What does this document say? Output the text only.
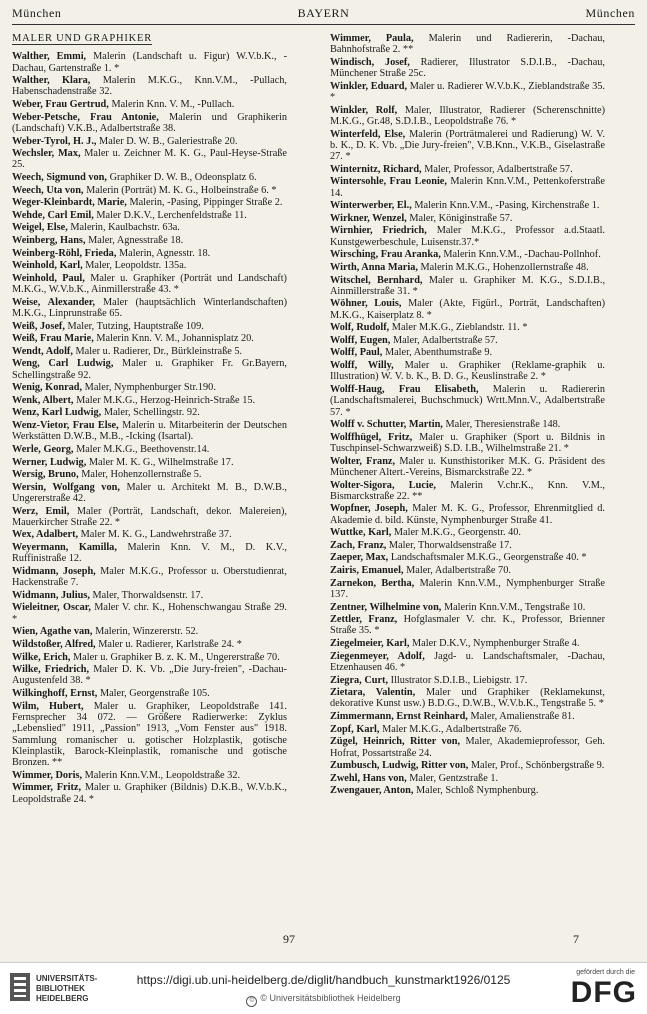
München	BAYERN	München
MALER UND GRAPHIKER
Walther, Emmi, Malerin (Landschaft u. Figur) W.V.b.K., -Dachau, Gartenstraße 1. *
Walther, Klara, Malerin M.K.G., Knn.V.M., -Pullach, Habenschadenstraße 32.
Weber, Frau Gertrud, Malerin Knn. V. M., -Pullach.
Weber-Petsche, Frau Antonie, Malerin und Graphikerin (Landschaft) V.K.B., Adalbertstraße 38.
Weber-Tyrol, H. J., Maler D. W. B., Galeriestraße 20.
Wechsler, Max, Maler u. Zeichner M. K. G., Paul-Heyse-Straße 25.
Weech, Sigmund von, Graphiker D. W. B., Odeonsplatz 6.
Weech, Uta von, Malerin (Porträt) M. K. G., Holbeinstraße 6. *
Weger-Kleinbardt, Marie, Malerin, -Pasing, Pippinger Straße 2.
Wehde, Carl Emil, Maler D.K.V., Lerchenfeldstraße 11.
Weigel, Else, Malerin, Kaulbachstr. 63a.
Weinberg, Hans, Maler, Agnesstraße 18.
Weinberg-Röhl, Frieda, Malerin, Agnesstr. 18.
Weinhold, Karl, Maler, Leopoldstr. 135a.
Weinhold, Paul, Maler u. Graphiker (Porträt und Landschaft) M.K.G., W.V.b.K., Ainmillerstraße 43. *
Weise, Alexander, Maler (hauptsächlich Winterlandschaften) M.K.G., Linprunstraße 65.
Weiß, Josef, Maler, Tutzing, Hauptstraße 109.
Weiß, Frau Marie, Malerin Knn. V. M., Johannisplatz 20.
Wendt, Adolf, Maler u. Radierer, Dr., Bürkleinstraße 5.
Weng, Carl Ludwig, Maler u. Graphiker Fr. Gr.Bayern, Schellingstraße 92.
Wenig, Konrad, Maler, Nymphenburger Str.190.
Wenk, Albert, Maler M.K.G., Herzog-Heinrich-Straße 15.
Wenz, Karl Ludwig, Maler, Schellingstr. 92.
Wenz-Vietor, Frau Else, Malerin u. Mitarbeiterin der Deutschen Werkstätten D.W.B., M.B., -Icking (Isartal).
Werle, Georg, Maler M.K.G., Beethovenstr.14.
Werner, Ludwig, Maler M. K. G., Wilhelmstraße 17.
Wersig, Bruno, Maler, Hohenzollernstraße 5.
Wersin, Wolfgang von, Maler u. Architekt M. B., D.W.B., Ungererstraße 42.
Werz, Emil, Maler (Porträt, Landschaft, dekor. Malereien), Mauerkircher Straße 22. *
Wex, Adalbert, Maler M. K. G., Landwehrstraße 37.
Weyermann, Kamilla, Malerin Knn. V. M., D. K.V., Ruffinistraße 12.
Widmann, Joseph, Maler M.K.G., Professor u. Oberstudienrat, Hackenstraße 7.
Widmann, Julius, Maler, Thorwaldsenstr. 17.
Wieleitner, Oscar, Maler V. chr. K., Hohenschwangau Straße 29. *
Wien, Agathe van, Malerin, Winzererstr. 52.
Wildstoßer, Alfred, Maler u. Radierer, Karlstraße 24. *
Wilke, Erich, Maler u. Graphiker B. z. K. M., Ungererstraße 70.
Wilke, Friedrich, Maler D. K. Vb. „Die Jury-freien", -Dachau-Augustenfeld 38. *
Wilkinghoff, Ernst, Maler, Georgenstraße 105.
Wilm, Hubert, Maler u. Graphiker, Leopoldstraße 141. Fernsprecher 34 072. — Größere Radierwerke: Zyklus „Lebenslied" 1911, „Passion" 1913, „Vom Fenster aus" 1918. Sammlung romanischer u. gotischer Holzplastik, gotische Kleinplastik, Barock-Kleinplastik, romanische und gotische Bronzen. **
Wimmer, Doris, Malerin Knn.V.M., Leopoldstraße 32.
Wimmer, Fritz, Maler u. Graphiker (Bildnis) D.K.B., W.V.b.K., Leopoldstraße 24. *
Wimmer, Paula, Malerin und Radiererin, -Dachau, Bahnhofstraße 2. **
Windisch, Josef, Radierer, Illustrator S.D.I.B., -Dachau, Münchener Straße 25c.
Winkler, Eduard, Maler u. Radierer W.V.b.K., Zieblandstraße 35. *
Winkler, Rolf, Maler, Illustrator, Radierer (Scherenschnitte) M.K.G., Gr.48, S.D.I.B., Leopoldstraße 76. *
Winterfeld, Else, Malerin (Porträtmalerei und Radierung) W. V. b. K., D. K. Vb. „Die Jury-freien", V.B.Knn., V.K.B., Giselastraße 27. *
Winternitz, Richard, Maler, Professor, Adalbertstraße 57.
Wintersohle, Frau Leonie, Malerin Knn.V.M., Pettenkoferstraße 14.
Winterwerber, El., Malerin Knn.V.M., -Pasing, Kirchenstraße 1.
Wirkner, Wenzel, Maler, Königinstraße 57.
Wirnhier, Friedrich, Maler M.K.G., Professor a.d.Staatl. Kunstgewerbeschule, Luisenstr.37.*
Wirsching, Frau Aranka, Malerin Knn.V.M., -Dachau-Pollnhof.
Wirth, Anna Maria, Malerin M.K.G., Hohenzollernstraße 48.
Witschel, Bernhard, Maler u. Graphiker M. K.G., S.D.I.B., Ainmillerstraße 31. *
Wöhner, Louis, Maler (Akte, Figürl., Porträt, Landschaften) M.K.G., Kaiserplatz 8. *
Wolf, Rudolf, Maler M.K.G., Zieblandstr. 11. *
Wolff, Eugen, Maler, Adalbertstraße 57.
Wolff, Paul, Maler, Abenthumstraße 9.
Wolff, Willy, Maler u. Graphiker (Reklame-graphik u. Illustration) W. V. b. K., B. D. G., Keuslinstraße 2. *
Wolff-Haug, Frau Elisabeth, Malerin u. Radiererin (Landschaftsmalerei, Buchschmuck) Wrtt.Mnn.V., Adalbertstraße 57. *
Wolff v. Schutter, Martin, Maler, Theresienstraße 148.
Wolffhügel, Fritz, Maler u. Graphiker (Sport u. Bildnis in Tuschpinsel-Schwarzweiß) S.D. I.B., Wilhelmstraße 21. *
Wolter, Franz, Maler u. Kunsthistoriker M.K. G. Präsident des Münchener Altert.-Vereins, Bismarckstraße 22. *
Wolter-Sigora, Lucie, Malerin V.chr.K., Knn. V.M., Bismarckstraße 22. **
Wopfner, Joseph, Maler M. K. G., Professor, Ehrenmitglied d. Akademie d. bild. Künste, Nymphenburger Straße 41.
Wuttke, Karl, Maler M.K.G., Georgenstr. 40.
Zach, Franz, Maler, Thorwaldsenstraße 17.
Zaeper, Max, Landschaftsmaler M.K.G., Georgenstraße 40. *
Zairis, Emanuel, Maler, Adalbertstraße 70.
Zarnekon, Bertha, Malerin Knn.V.M., Nymphenburger Straße 137.
Zentner, Wilhelmine von, Malerin Knn.V.M., Tengstraße 10.
Zettler, Franz, Hofglasmaler V. chr. K., Professor, Brienner Straße 35. *
Ziegelmeier, Karl, Maler D.K.V., Nymphenburger Straße 4.
Ziegenmeyer, Adolf, Jagd- u. Landschaftsmaler, -Dachau, Etzenhausen 46. *
Ziegra, Curt, Illustrator S.D.I.B., Liebigstr. 17.
Zietara, Valentin, Maler und Graphiker (Reklamekunst, dekorative Kunst usw.) B.D.G., D.W.B., W.V.b.K., Tengstraße 5. *
Zimmermann, Ernst Reinhard, Maler, Amalienstraße 81.
Zopf, Karl, Maler M.K.G., Adalbertstraße 76.
Zügel, Heinrich, Ritter von, Maler, Akademieprofessor, Geh. Hofrat, Possartstraße 24.
Zumbusch, Ludwig, Ritter von, Maler, Prof., Schönbergstraße 9.
Zwehl, Hans von, Maler, Gentzstraße 1.
Zwengauer, Anton, Maler, Schloß Nymphenburg.
97	7
UNIVERSITÄTS-
BIBLIOTHEK
HEIDELBERG
https://digi.ub.uni-heidelberg.de/diglit/handbuch_kunstmarkt1926/0125
© © Universitätsbibliothek Heidelberg
gefördert durch die
DFG
